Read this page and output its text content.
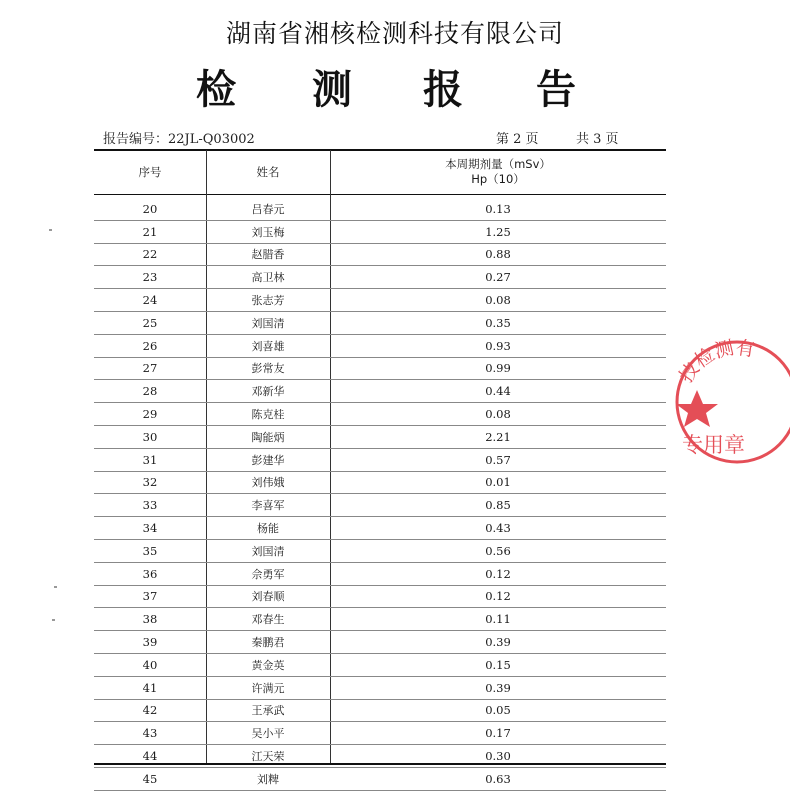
湖南省湘核检测科技有限公司
检 测 报 告
报告编号：22JL-Q03002	第 2 页	共 3 页
序号	姓名
本周期剂量（mSv）
Hp（10）
20	吕春元	0.13
21	刘玉梅	1.25
22	赵腊香	0.88
23	高卫林	0.27
24	张志芳	0.08
25	刘国清	0.35
26	刘喜雄	0.93
27	彭常友	0.99
28	邓新华	0.44
29	陈克桂	0.08
30	陶能炳	2.21
31	彭建华	0.57
32	刘伟娥	0.01
33	李喜军	0.85
34	杨能	0.43
35	刘国清	0.56
36	佘勇军	0.12
37	刘春顺	0.12
38	邓春生	0.11
39	秦鹏君	0.39
40	黄金英	0.15
41	许满元	0.39
42	王承武	0.05
43	吴小平	0.17
44	江天荣	0.30
45	刘粺	0.63
技检测有
专用章
